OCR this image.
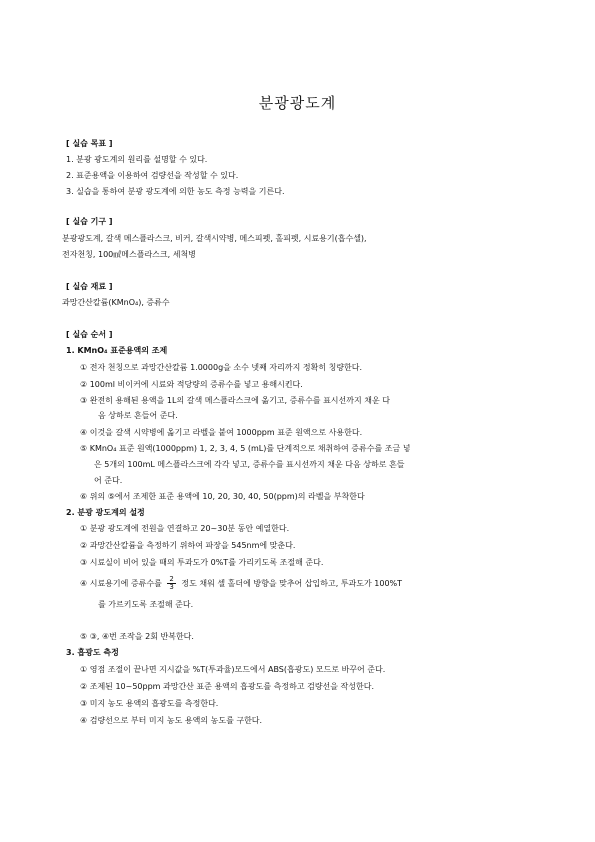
분광광도계
[ 실습 목표 ]
1. 분광 광도계의 원리를 설명할 수 있다.
2. 표준용액을 이용하여 검량선을 작성할 수 있다.
3. 실습을 통하여 분광 광도계에 의한 농도 측정 능력을 기른다.
[ 실습 기구 ]
분광광도계, 갈색 메스플라스크, 비커, 갈색시약병, 메스피펫, 홀피펫, 시료용기(흡수셀),
전자천칭, 100㎖메스플라스크, 세척병
[ 실습 재료 ]
과망간산칼륨(KMnO₄), 증류수
[ 실습 순서 ]
1. KMnO₄ 표준용액의 조제
① 전자 천칭으로 과망간산칼륨 1.0000g을 소수 넷째 자리까지 정확히 칭량한다.
② 100ml 비이커에 시료와 적당량의 증류수를 넣고 용해시킨다.
③ 완전히 용해된 용액을 1L의 갈색 메스플라스크에 옮기고, 증류수를 표시선까지 채운 다
음 상하로 흔들어 준다.
④ 이것을 갈색 시약병에 옮기고 라벨을 붙여 1000ppm 표준 원액으로 사용한다.
⑤ KMnO₄ 표준 원액(1000ppm) 1, 2, 3, 4, 5 (mL)를 단계적으로 채취하여 증류수를 조금 넣
은 5개의 100mL 메스플라스크에 각각 넣고, 증류수를 표시선까지 채운 다음 상하로 흔들
어 준다.
⑥ 위의 ⑤에서 조제한 표준 용액에 10, 20, 30, 40, 50(ppm)의 라벨을 부착한다
2. 분광 광도계의 설정
① 분광 광도계에 전원을 연결하고 20~30분 동안 예열한다.
② 과망간산칼륨을 측정하기 위하여 파장을 545nm에 맞춘다.
③ 시료실이 비어 있을 때의 투과도가 0%T를 가리키도록 조절해 준다.
④ 시료용기에 증류수를 $\frac{2}{3}$ 정도 채워 셀 홀더에 방향을 맞추어 삽입하고, 투과도가 100%T
를 가르키도록 조절해 준다.
⑤ ③, ④번 조작을 2회 반복한다.
3. 흡광도 측정
① 영점 조절이 끝나면 지시값을 %T(투과율)모드에서 ABS(흡광도) 모드로 바꾸어 준다.
② 조제된 10~50ppm 과망간산 표준 용액의 흡광도를 측정하고 검량선을 작성한다.
③ 미지 농도 용액의 흡광도를 측정한다.
④ 검량선으로 부터 미지 농도 용액의 농도를 구한다.
